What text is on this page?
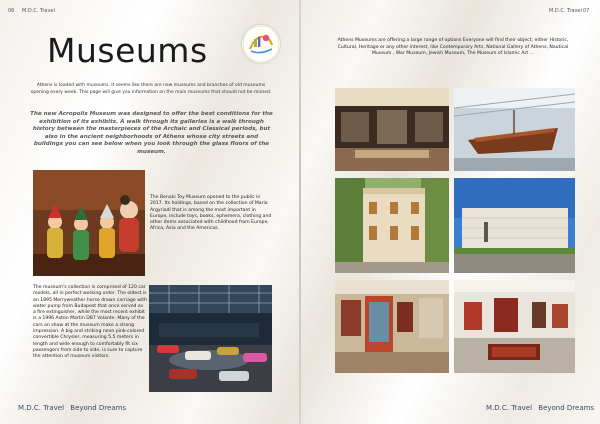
06 M.D.C. Travel
Museums
Athens is loaded with museums. It seems like there are new museums and branches of old museums opening every week. This page will give you information on the main museums that should not be missed.
The new Acropolis Museum was designed to offer the best conditions for the exhibition of its exhibits. A walk through its galleries is a walk through history between the masterpieces of the Archaic and Classical periods, but also in the ancient neighborhoods of Athens whose city streets and buildings you can see below when you look through the glass floors of the museum.
The Benaki Toy Museum opened to the public in 2017. Its holdings, based on the collection of Maria Argyriadi that is among the most important in Europe, include toys, books, ephemera, clothing and other items associated with childhood from Europe, Africa, Asia and the Americas.
The museum's collection is comprised of 120 car models, all in perfect working order. The oldest is an 1895 Merryweather horse drawn carriage with water pump from Budapest that once served as a fire extinguisher, while the most recent exhibit is a 1996 Aston Martin DB7 Volante. Many of the cars on show at the museum make a strong impression. A big and striking neon pink-colored convertible Chrysler, measuring 5.5 meters in length and wide enough to comfortably fit six passengers from side to side, is sure to capture the attention of museum visitors.
M.D.C. Travel Beyond Dreams
M.D.C. Travel 07
Athens Museums are offering a large range of options Everyone will find their object; either Historic, Cultural, Heritage or any other interest, like Contemporary Arts, National Gallery of Athens, Nautical Museum , War Museum, Jewish Museum, The Museum of Islamic Art ...
M.D.C. Travel Beyond Dreams
